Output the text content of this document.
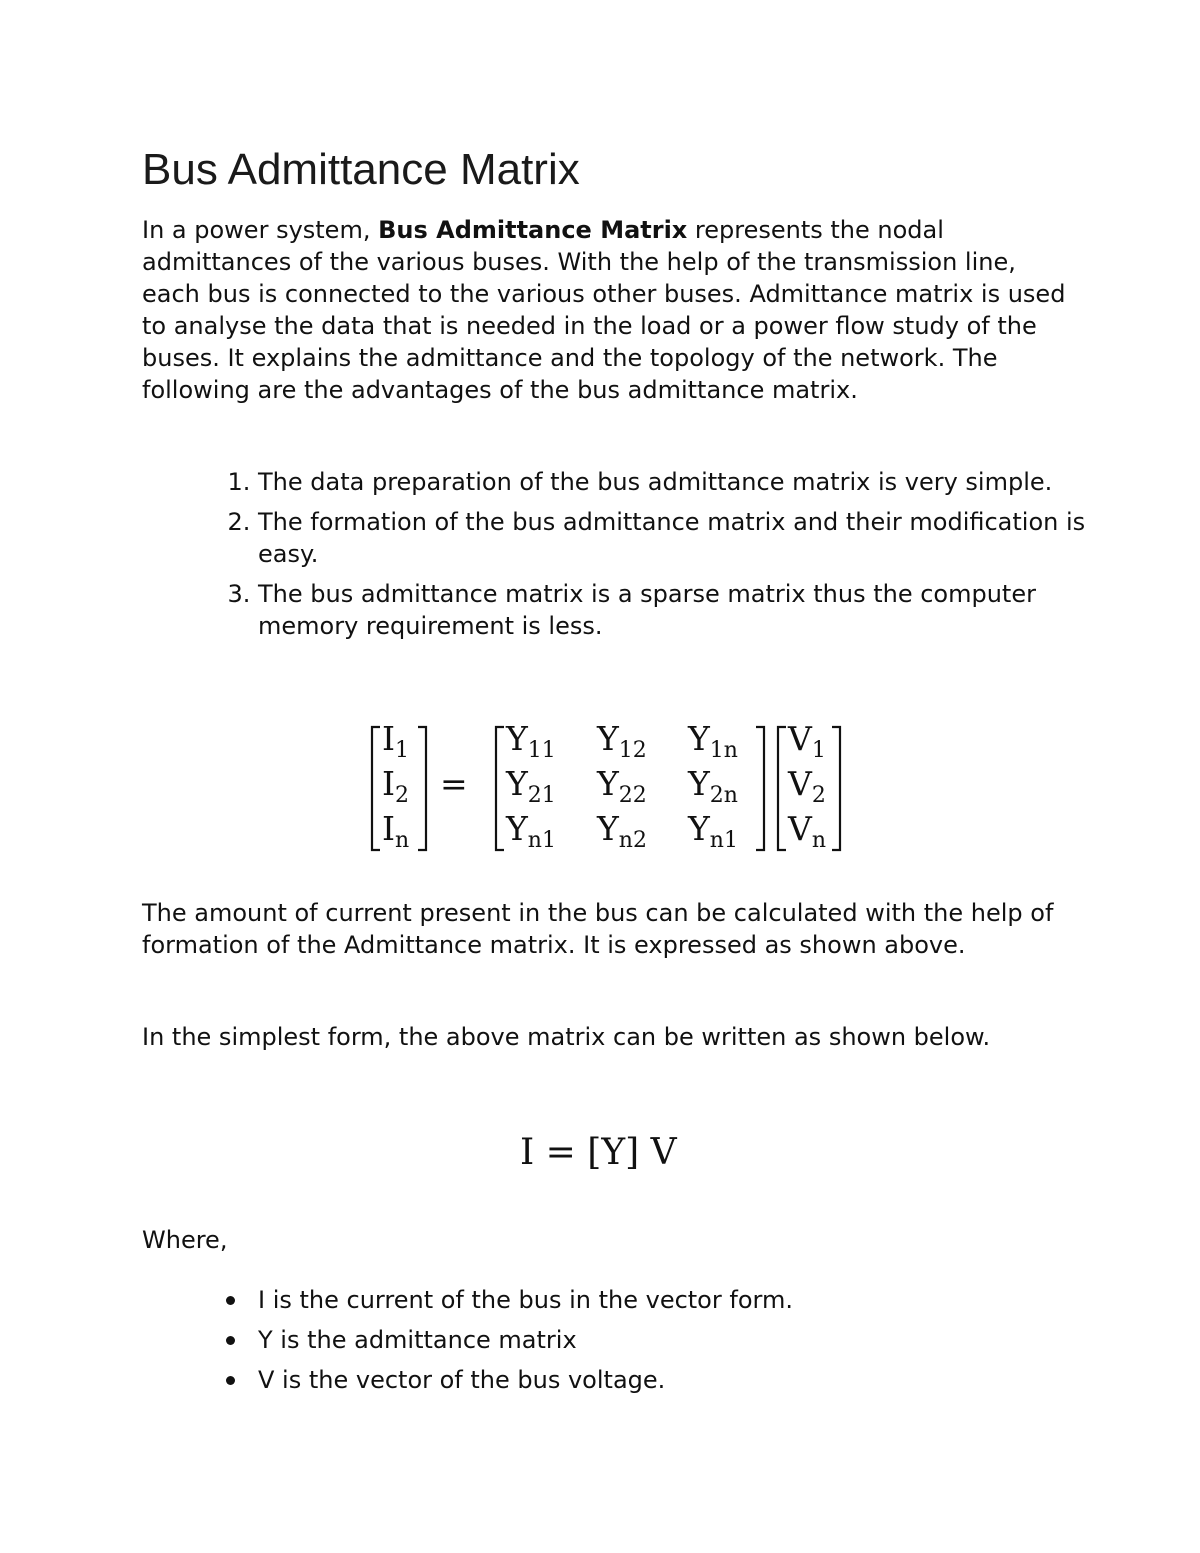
Bus Admittance Matrix

In a power system, Bus Admittance Matrix represents the nodal admittances of the various buses. With the help of the transmission line, each bus is connected to the various other buses. Admittance matrix is used to analyse the data that is needed in the load or a power flow study of the buses. It explains the admittance and the topology of the network. The following are the advantages of the bus admittance matrix.

1. The data preparation of the bus admittance matrix is very simple.
2. The formation of the bus admittance matrix and their modification is easy.
3. The bus admittance matrix is a sparse matrix thus the computer memory requirement is less.
$I_1$
$I_2$
$I_n$
=
$Y_{11}$ $Y_{12}$ $Y_{1n}$
$Y_{21}$ $Y_{22}$ $Y_{2n}$
$Y_{n1}$ $Y_{n2}$ $Y_{n1}$
$V_1$
$V_2$
$V_n$

The amount of current present in the bus can be calculated with the help of formation of the Admittance matrix. It is expressed as shown above.

In the simplest form, the above matrix can be written as shown below.

I = [Y] V

Where,

I is the current of the bus in the vector form.
Y is the admittance matrix
V is the vector of the bus voltage.
